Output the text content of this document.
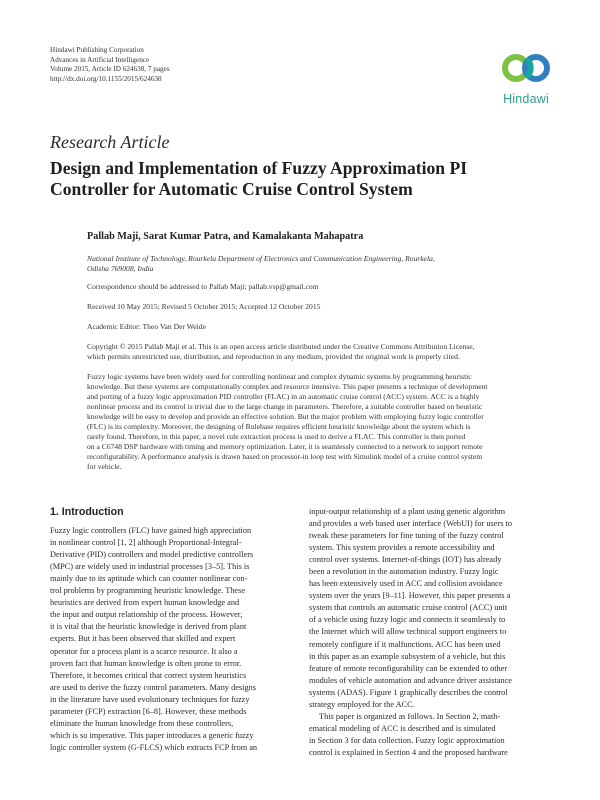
Hindawi Publishing Corporation
Advances in Artificial Intelligence
Volume 2015, Article ID 624638, 7 pages
http://dx.doi.org/10.1155/2015/624638
Hindawi
Research Article
Design and Implementation of Fuzzy Approximation PI
Controller for Automatic Cruise Control System
Pallab Maji, Sarat Kumar Patra, and Kamalakanta Mahapatra
National Institute of Technology, Rourkela Department of Electronics and Communication Engineering, Rourkela,
Odisha 769008, India
Correspondence should be addressed to Pallab Maji; pallab.vsp@gmail.com
Received 10 May 2015; Revised 5 October 2015; Accepted 12 October 2015
Academic Editor: Theo Van Der Weide
Copyright © 2015 Pallab Maji et al. This is an open access article distributed under the Creative Commons Attribution License,
which permits unrestricted use, distribution, and reproduction in any medium, provided the original work is properly cited.
Fuzzy logic systems have been widely used for controlling nonlinear and complex dynamic systems by programming heuristic
knowledge. But these systems are computationally complex and resource intensive. This paper presents a technique of development
and porting of a fuzzy logic approximation PID controller (FLAC) in an automatic cruise control (ACC) system. ACC is a highly
nonlinear process and its control is trivial due to the large change in parameters. Therefore, a suitable controller based on heuristic
knowledge will be easy to develop and provide an effective solution. But the major problem with employing fuzzy logic controller
(FLC) is its complexity. Moreover, the designing of Rulebase requires efficient heuristic knowledge about the system which is
rarely found. Therefore, in this paper, a novel rule extraction process is used to derive a FLAC. This controller is then ported
on a C6748 DSP hardware with timing and memory optimization. Later, it is seamlessly connected to a network to support remote
reconfigurability. A performance analysis is drawn based on processor-in loop test with Simulink model of a cruise control system
for vehicle.
1. Introduction
Fuzzy logic controllers (FLC) have gained high appreciation
in nonlinear control [1, 2] although Proportional-Integral-
Derivative (PID) controllers and model predictive controllers
(MPC) are widely used in industrial processes [3–5]. This is
mainly due to its aptitude which can counter nonlinear con-
trol problems by programming heuristic knowledge. These
heuristics are derived from expert human knowledge and
the input and output relationship of the process. However,
it is vital that the heuristic knowledge is derived from plant
experts. But it has been observed that skilled and expert
operator for a process plant is a scarce resource. It also a
proven fact that human knowledge is often prone to error.
Therefore, it becomes critical that correct system heuristics
are used to derive the fuzzy control parameters. Many designs
in the literature have used evolutionary techniques for fuzzy
parameter (FCP) extraction [6–8]. However, these methods
eliminate the human knowledge from these controllers,
which is so imperative. This paper introduces a generic fuzzy
logic controller system (G-FLCS) which extracts FCP from an
input-output relationship of a plant using genetic algorithm
and provides a web based user interface (WebUI) for users to
tweak these parameters for fine tuning of the fuzzy control
system. This system provides a remote accessibility and
control over systems. Internet-of-things (IOT) has already
been a revolution in the automation industry. Fuzzy logic
has been extensively used in ACC and collision avoidance
system over the years [9–11]. However, this paper presents a
system that controls an automatic cruise control (ACC) unit
of a vehicle using fuzzy logic and connects it seamlessly to
the Internet which will allow technical support engineers to
remotely configure if it malfunctions. ACC has been used
in this paper as an example subsystem of a vehicle, but this
feature of remote reconfigurability can be extended to other
modules of vehicle automation and advance driver assistance
systems (ADAS). Figure 1 graphically describes the control
strategy employed for the ACC.
This paper is organized as follows. In Section 2, math-
ematical modeling of ACC is described and is simulated
in Section 3 for data collection. Fuzzy logic approximation
control is explained in Section 4 and the proposed hardware
